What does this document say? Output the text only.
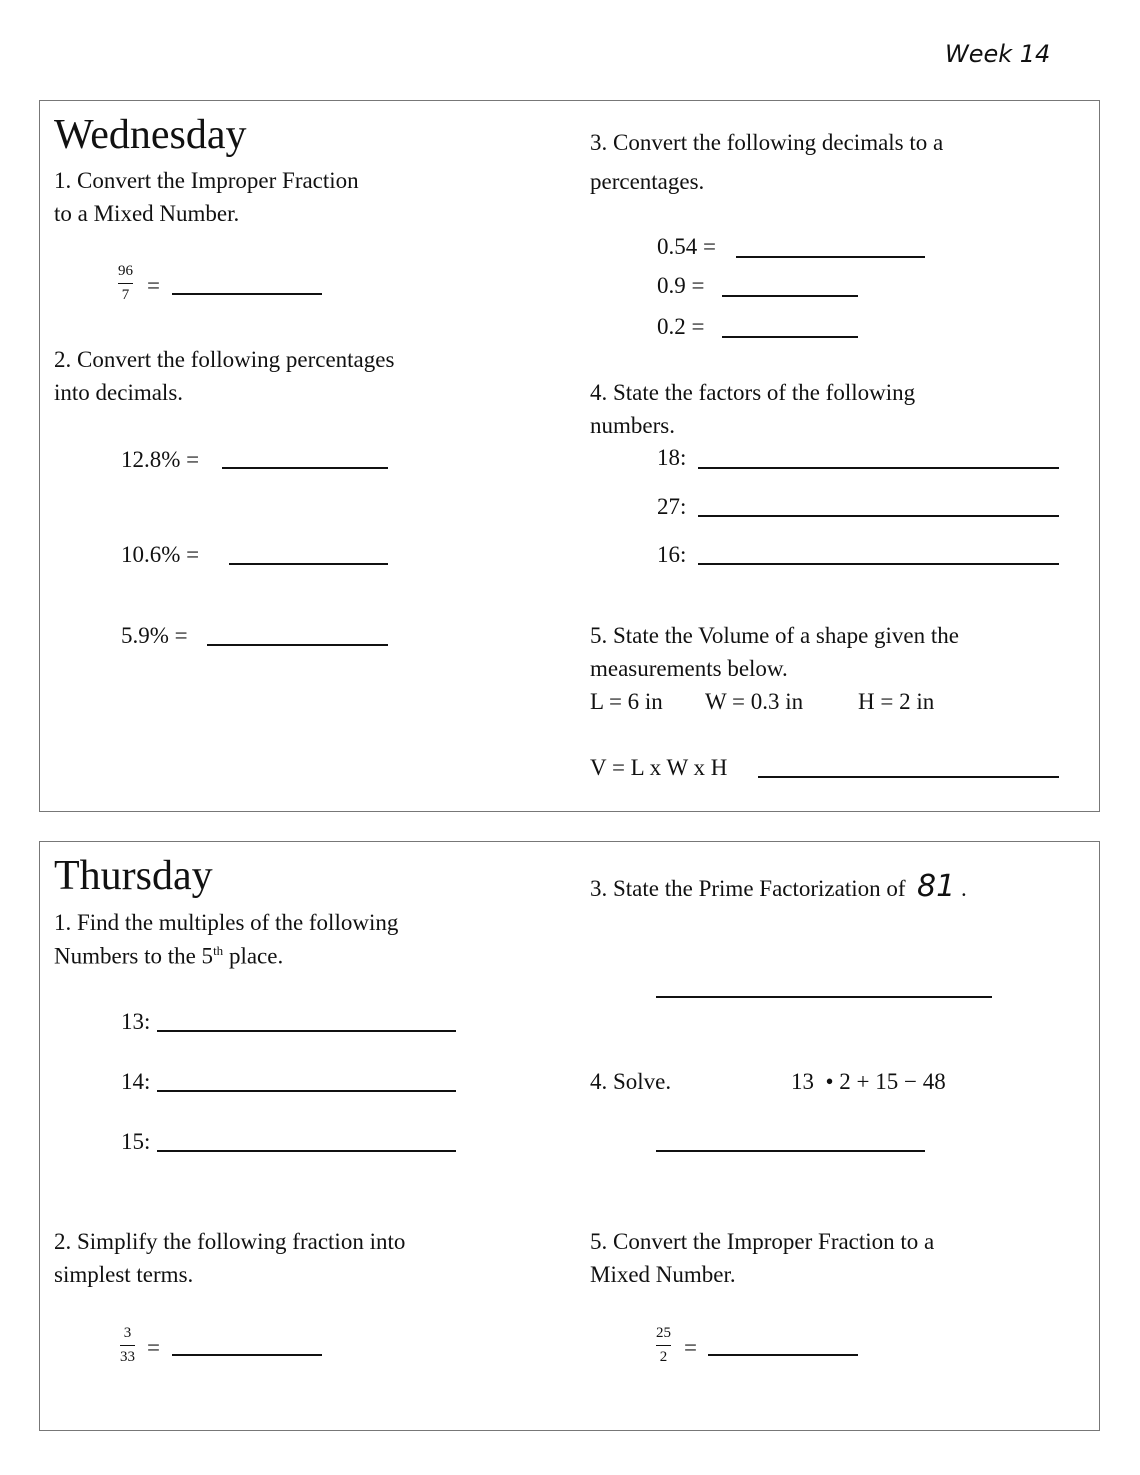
Week 14
Wednesday
1. Convert the Improper Fraction
to a Mixed Number.
96
7 =
2. Convert the following percentages
into decimals.
12.8% =
10.6% =
5.9% =
3. Convert the following decimals to a
percentages.
0.54 =
0.9 =
0.2 =
4. State the factors of the following
numbers.
18:
27:
16:
5. State the Volume of a shape given the
measurements below.
L = 6 in W = 0.3 in H = 2 in
V = L x W x H
Thursday
1. Find the multiples of the following
Numbers to the 5th place.
13:
14:
15:
2. Simplify the following fraction into
simplest terms.
3
33 =
3. State the Prime Factorization of 81 .
4. Solve.	13  • 2 + 15 − 48
5. Convert the Improper Fraction to a
Mixed Number.
25
2 =
